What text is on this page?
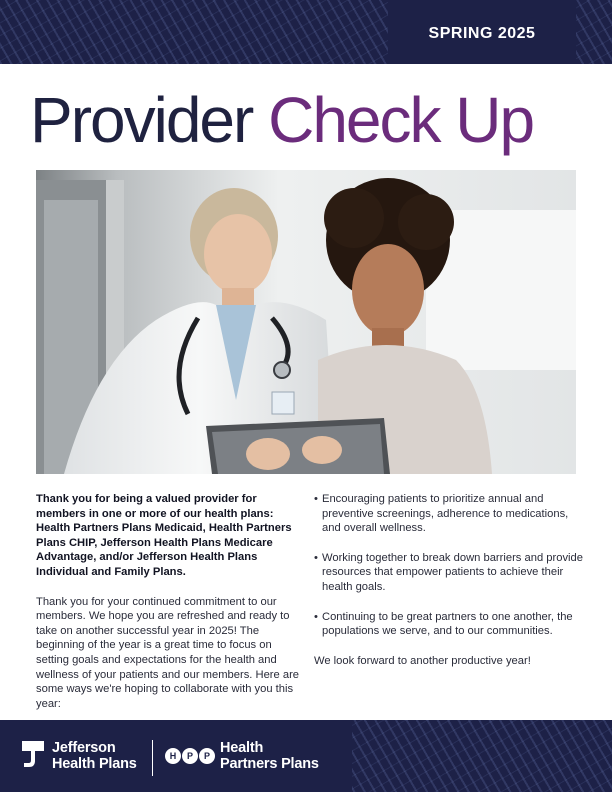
SPRING 2025
Provider Check Up

Thank you for being a valued provider for members in one or more of our health plans: Health Partners Plans Medicaid, Health Partners Plans CHIP, Jefferson Health Plans Medicare Advantage, and/or Jefferson Health Plans Individual and Family Plans.

Thank you for your continued commitment to our members. We hope you are refreshed and ready to take on another successful year in 2025! The beginning of the year is a great time to focus on setting goals and expectations for the health and wellness of your patients and our members. Here are some ways we're hoping to collaborate with you this year:

• Encouraging patients to prioritize annual and preventive screenings, adherence to medications, and overall wellness.
• Working together to break down barriers and provide resources that empower patients to achieve their health goals.
• Continuing to be great partners to one another, the populations we serve, and to our communities.

We look forward to another productive year!

Jefferson
Health Plans	H	P	P Health
Partners Plans
